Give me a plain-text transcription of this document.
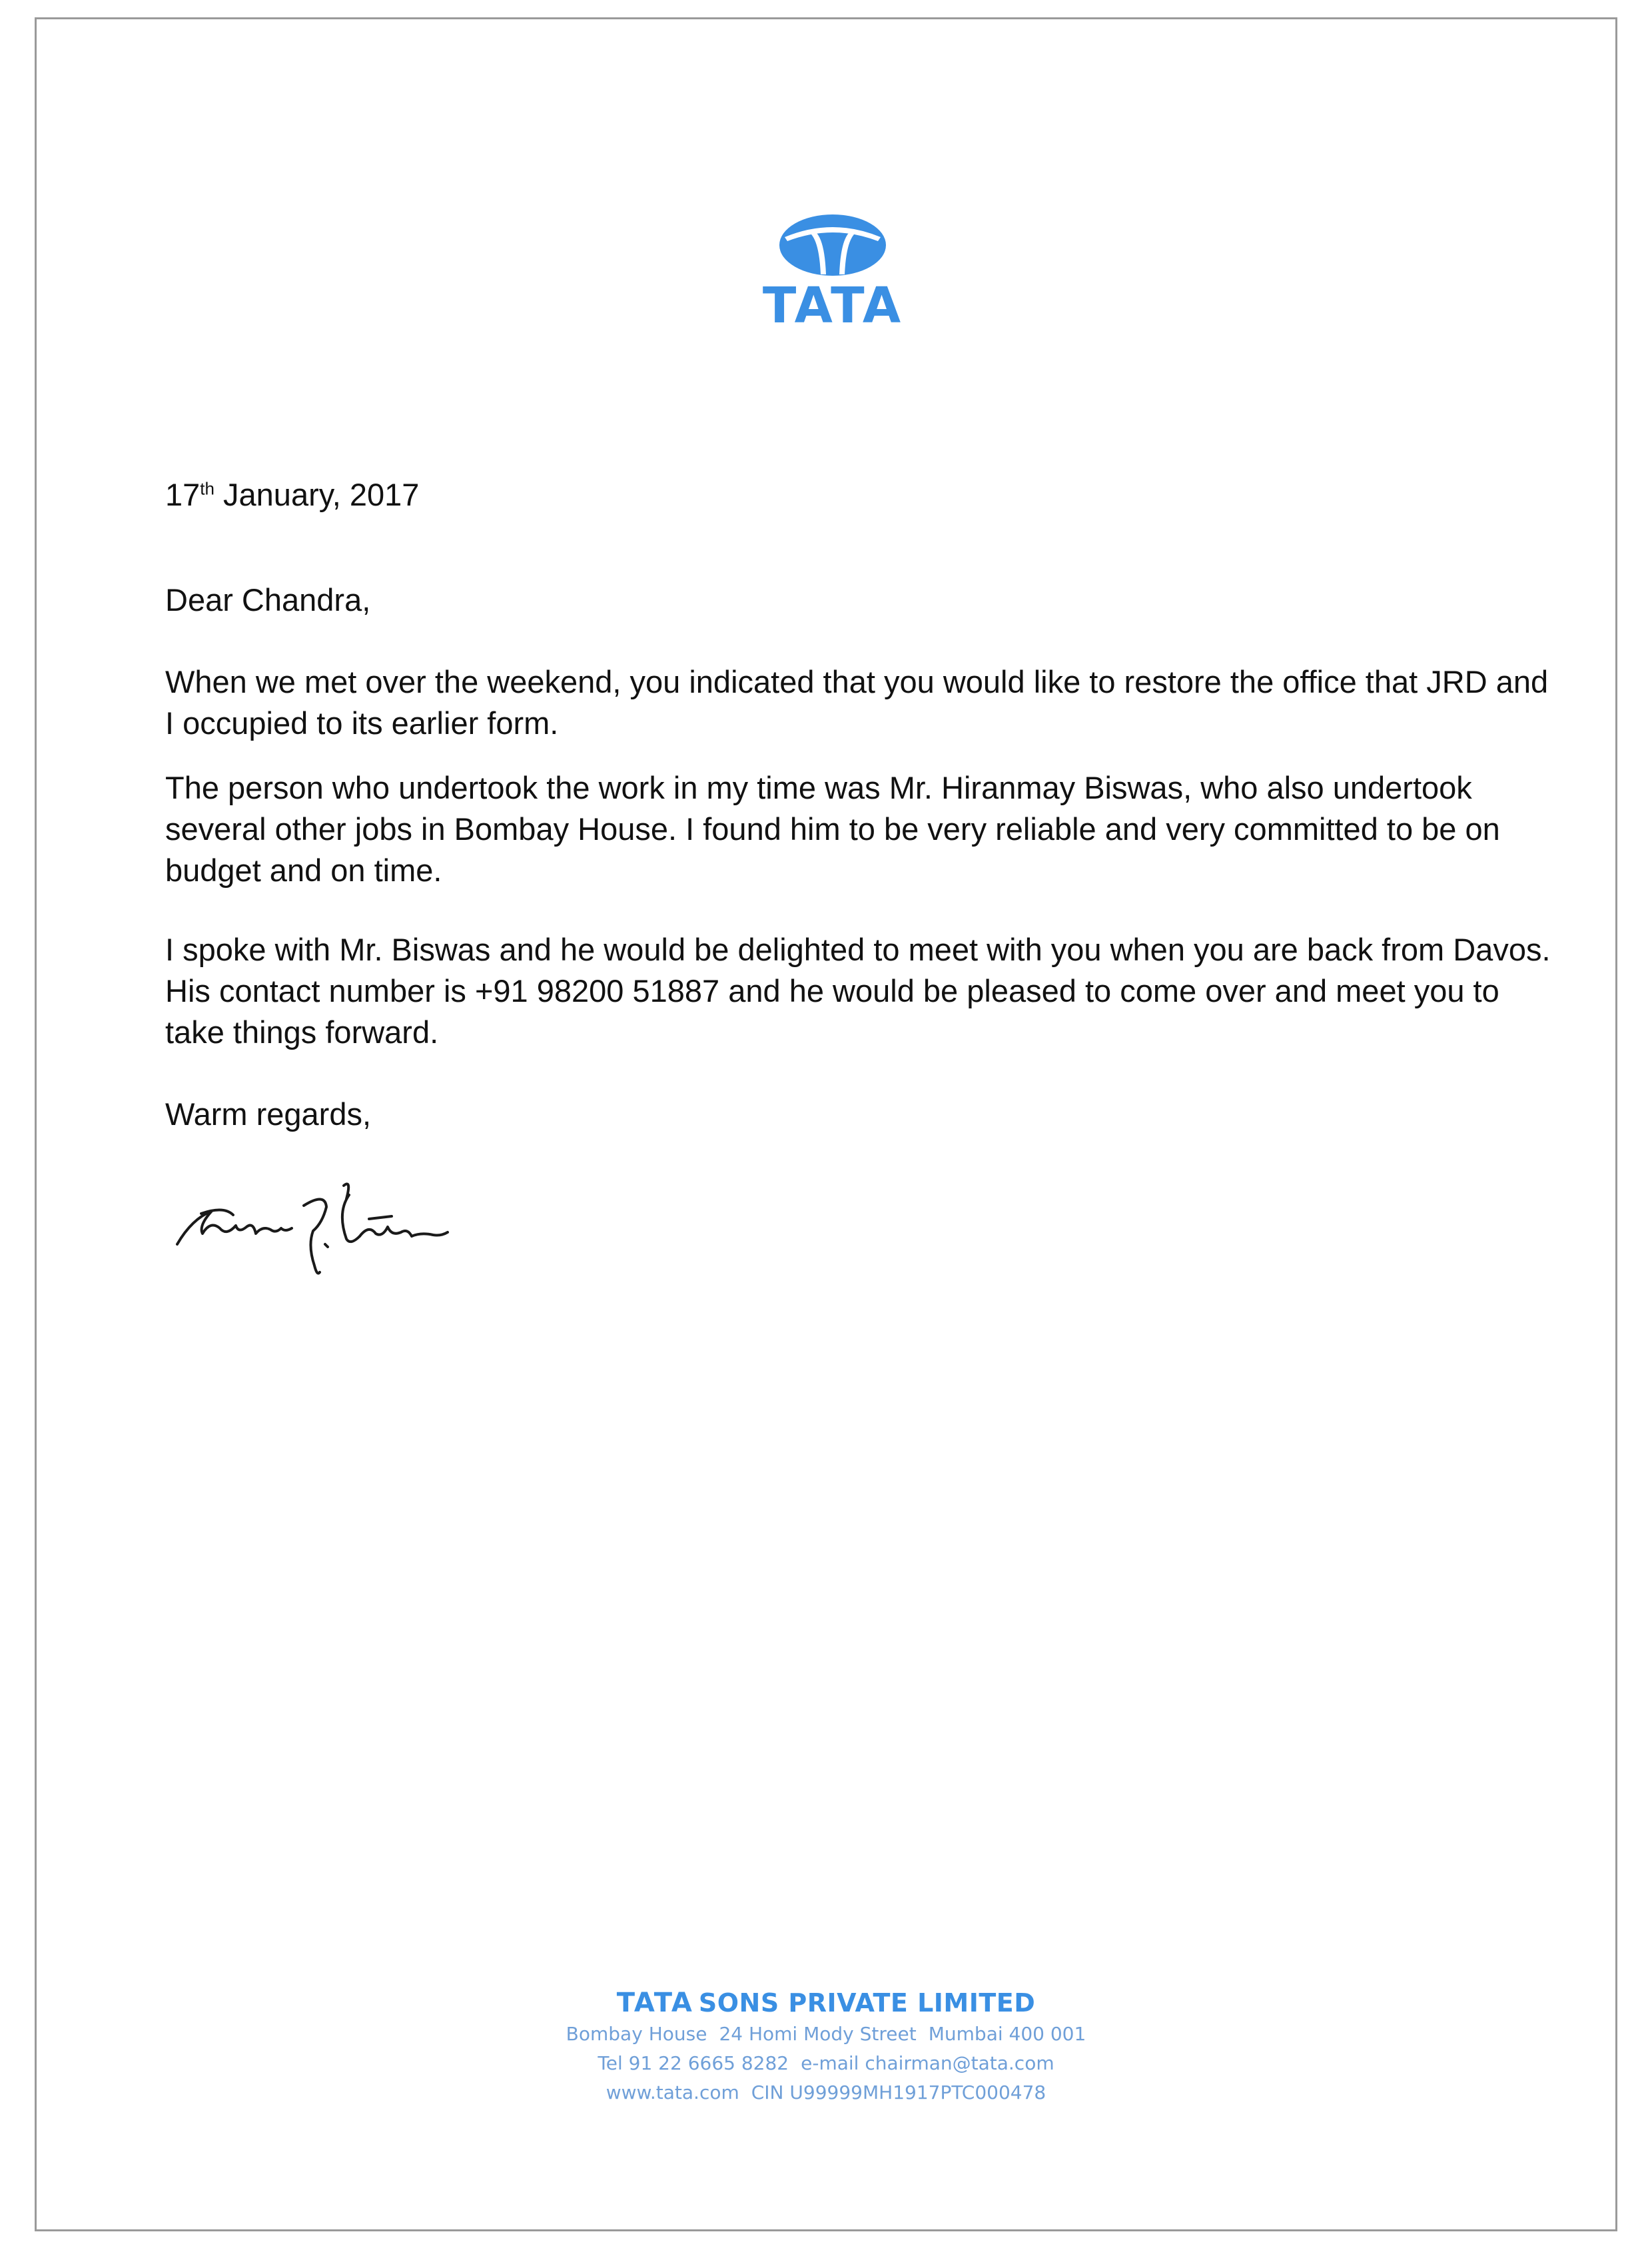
TATA
17th January, 2017
Dear Chandra,

When we met over the weekend, you indicated that you would like to restore the office that JRD and I occupied to its earlier form.

The person who undertook the work in my time was Mr. Hiranmay Biswas, who also undertook several other jobs in Bombay House. I found him to be very reliable and very committed to be on budget and on time.

I spoke with Mr. Biswas and he would be delighted to meet with you when you are back from Davos. His contact number is +91 98200 51887 and he would be pleased to come over and meet you to take things forward.

Warm regards,
TATA SONS PRIVATE LIMITED
Bombay House 24 Homi Mody Street Mumbai 400 001
Tel 91 22 6665 8282 e-mail chairman@tata.com
www.tata.com CIN U99999MH1917PTC000478
